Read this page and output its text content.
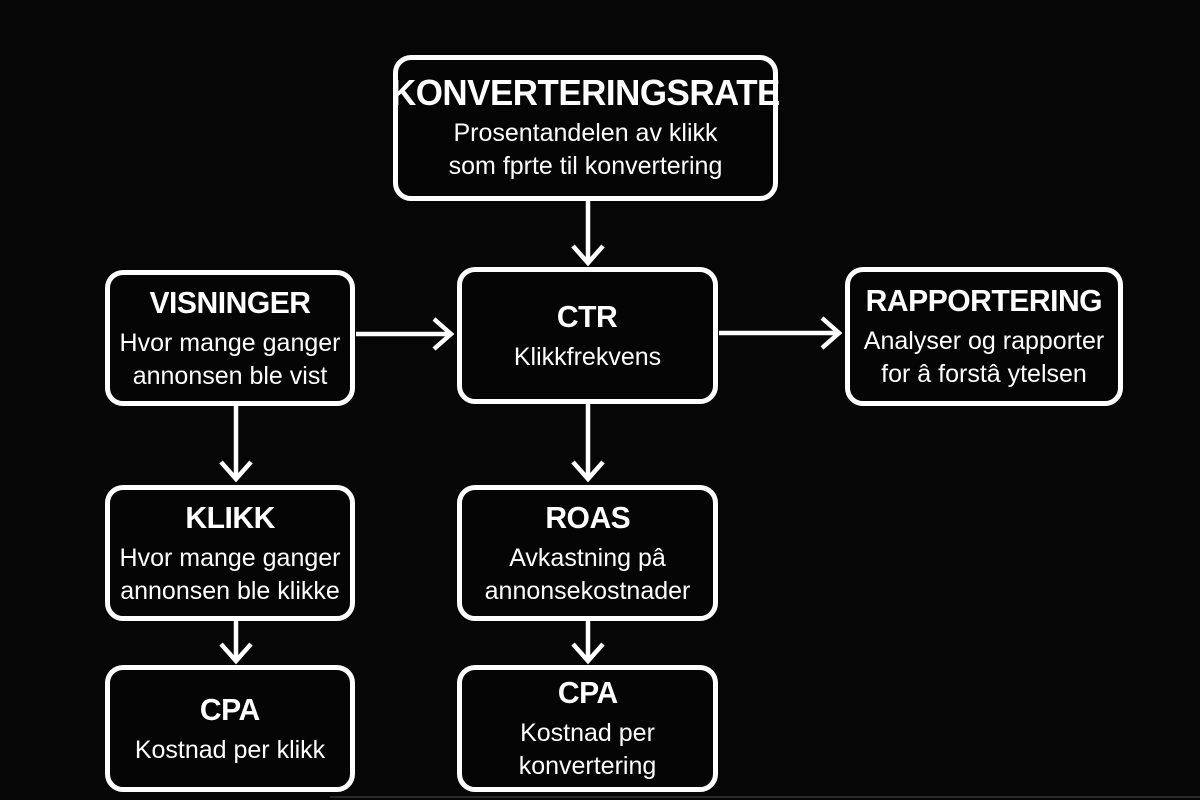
KONVERTERINGSRATE
Prosentandelen av klikk
som fprte til konvertering
VISNINGER
Hvor mange ganger
annonsen ble vist
CTR
Klikkfrekvens
RAPPORTERING
Analyser og rapporter
for â forstâ ytelsen
KLIKK
Hvor mange ganger
annonsen ble klikke
ROAS
Avkastning pâ
annonsekostnader
CPA
Kostnad per klikk
CPA
Kostnad per
konvertering
